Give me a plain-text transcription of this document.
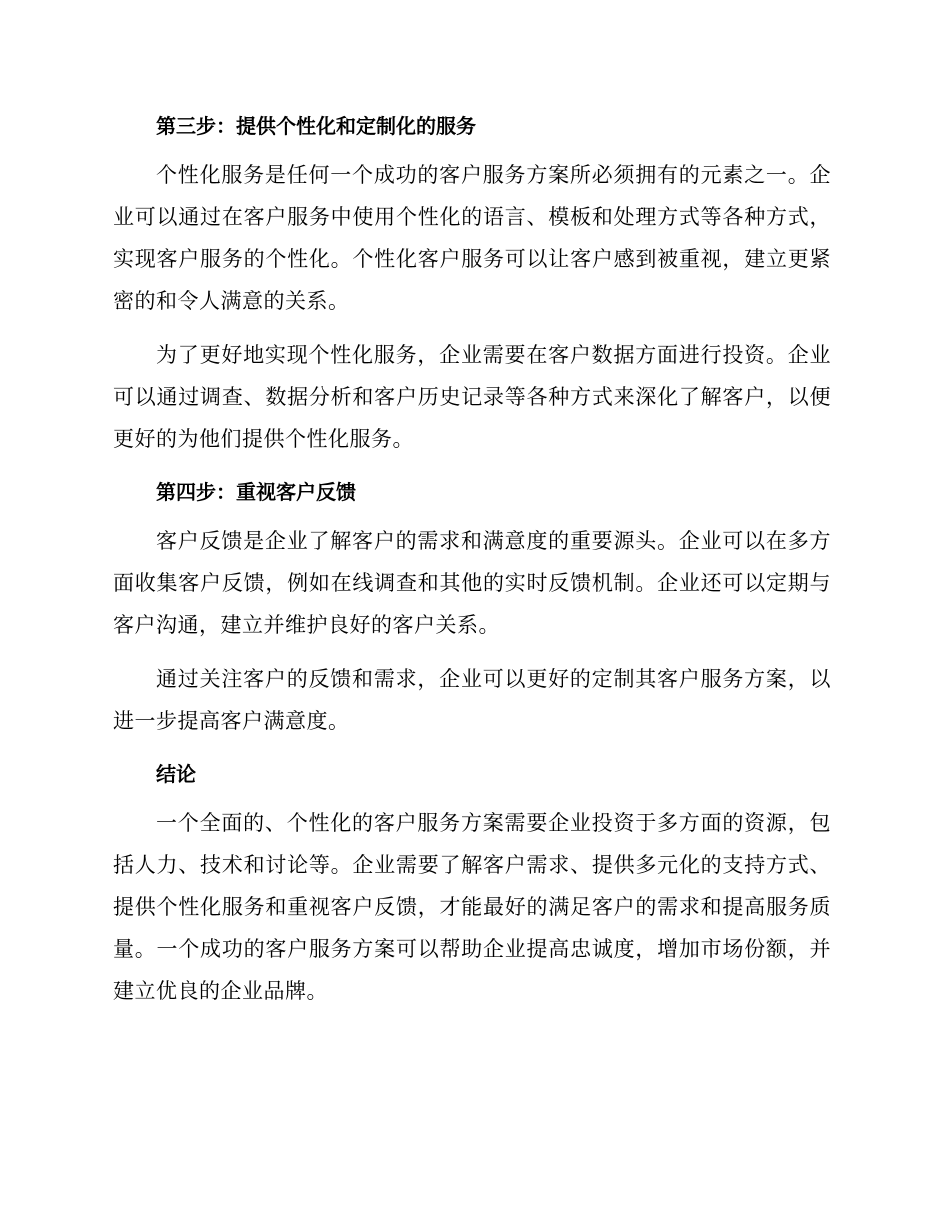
第三步：提供个性化和定制化的服务

个性化服务是任何一个成功的客户服务方案所必须拥有的元素之一。企业可以通过在客户服务中使用个性化的语言、模板和处理方式等各种方式，实现客户服务的个性化。个性化客户服务可以让客户感到被重视，建立更紧密的和令人满意的关系。

为了更好地实现个性化服务，企业需要在客户数据方面进行投资。企业可以通过调查、数据分析和客户历史记录等各种方式来深化了解客户，以便更好的为他们提供个性化服务。

第四步：重视客户反馈

客户反馈是企业了解客户的需求和满意度的重要源头。企业可以在多方面收集客户反馈，例如在线调查和其他的实时反馈机制。企业还可以定期与客户沟通，建立并维护良好的客户关系。

通过关注客户的反馈和需求，企业可以更好的定制其客户服务方案，以进一步提高客户满意度。

结论

一个全面的、个性化的客户服务方案需要企业投资于多方面的资源，包括人力、技术和讨论等。企业需要了解客户需求、提供多元化的支持方式、提供个性化服务和重视客户反馈，才能最好的满足客户的需求和提高服务质量。一个成功的客户服务方案可以帮助企业提高忠诚度，增加市场份额，并建立优良的企业品牌。
